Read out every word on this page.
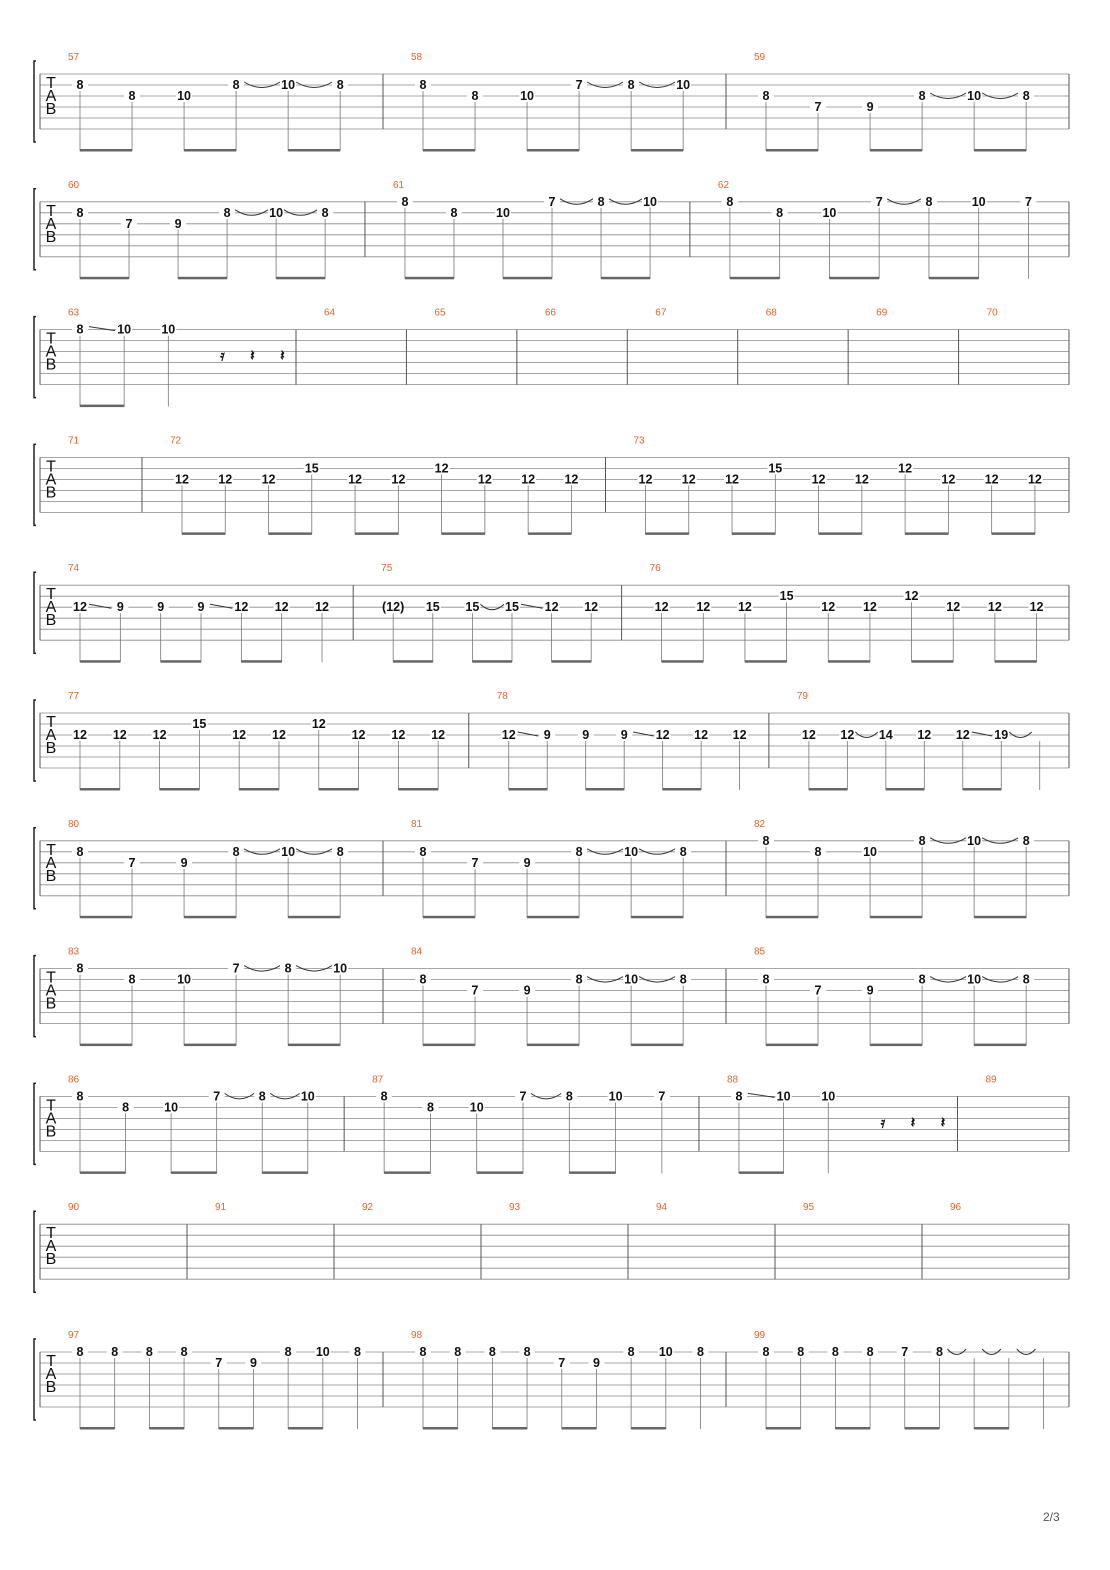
T
A
B
57
8
8	10
8	10	8
58
8
8	10
7	8	10
59
8
7	9
8	10	8
T
A
B
60
8
7	9
8	10	8
61
8
8	10
7	8	10
62
8
8	10
7	8	10	7
T
A
B
63
8	10 10
𝄿 𝄽 𝄽
64	65	66	67	68	69	70
T
A
B
71	72
12 12 12
15
12 12
12
12 12 12
73
12 12 12
15
12 12
12
12 12 12
T
A
B
74
12 9	9	9 12 12 12
75
(12) 15 15 15 12 12
76
12 12 12
15
12 12
12
12 12 12
T
A
B
77
12 12 12
15
12 12
12
12 12 12
78
12 9	9	9 12 12 12
79
12 12 14 12 12 19
T
A
B
80
8
7	9
8	10	8
81
8
7	9
8	10	8
82
8
8	10
8	10	8
T
A
B
83
8
8	10
7	8	10
84
8
7	9
8	10	8
85
8
7	9
8	10	8
T
A
B
86
8
8	10
7	8	10
87
8
8	10
7	8	10	7
88
8	10 10
𝄿 𝄽 𝄽
89
T
A
B
90	91	92	93	94	95	96
T
A
B
97
8 8 8 8
7 9
8 10 8
98
8 8 8 8
7 9
8 10 8
99
8 8 8 8 7 8
2/3
